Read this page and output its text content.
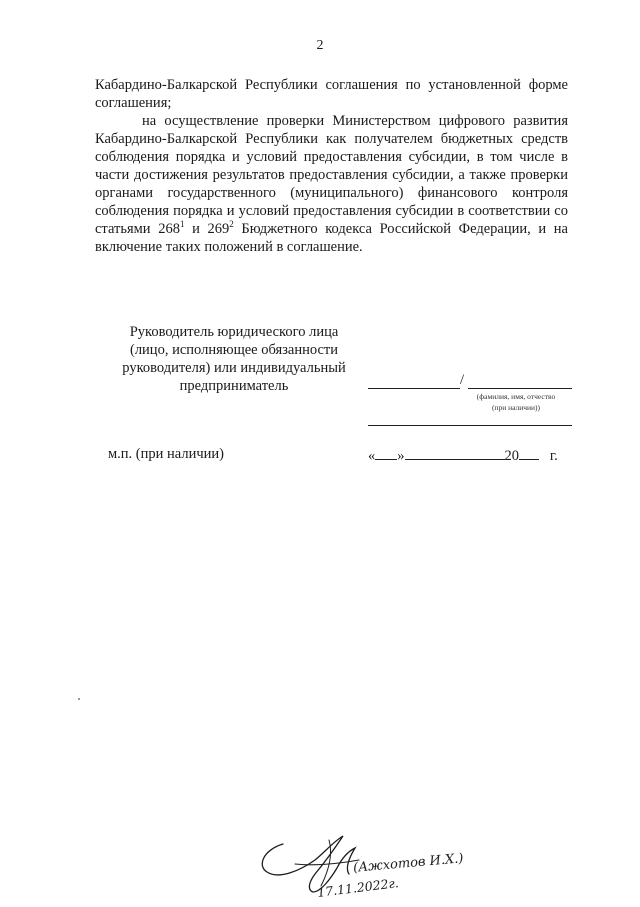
2

Кабардино-Балкарской Республики соглашения по установленной форме соглашения;

на осуществление проверки Министерством цифрового развития Кабардино-Балкарской Республики как получателем бюджетных средств соблюдения порядка и условий предоставления субсидии, в том числе в части достижения результатов предоставления субсидии, а также проверки органами государственного (муниципального) финансового контроля соблюдения порядка и условий предоставления субсидии в соответствии со статьями $268^1$ и $269^2$ Бюджетного кодекса Российской Федерации, и на включение таких положений в соглашение.

Руководитель юридического лица
(лицо, исполняющее обязанности
руководителя) или индивидуальный
предприниматель	/
(фамилия, имя, отчество
(при наличии))
м.п. (при наличии)	« »	20 г.
(Ажхотов И.Х.)
17.11.2022г.
